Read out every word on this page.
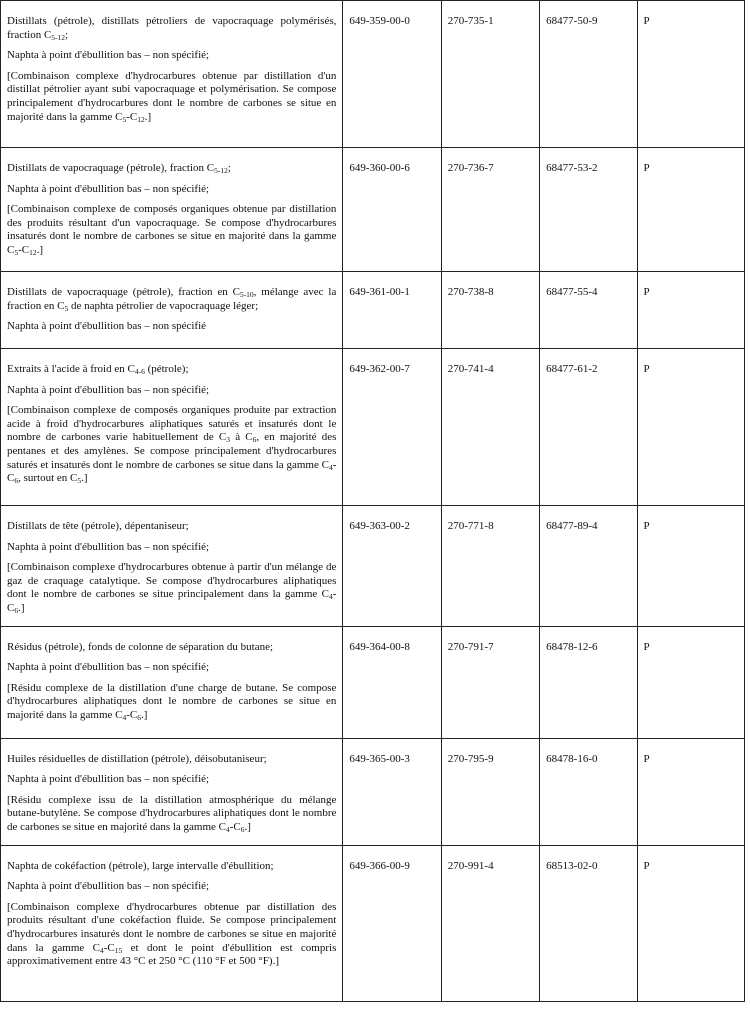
Distillats (pétrole), distillats pétroliers de vapocraquage polymérisés, fraction $C_{5-12}$;
Naphta à point d'ébullition bas – non spécifié;
[Combinaison complexe d'hydrocarbures obtenue par distillation d'un distillat pétrolier ayant subi vapocraquage et polymérisation. Se compose principalement d'hydrocarbures dont le nombre de carbones se situe en majorité dans la gamme $C_5-C_{12}$.]	649-359-00-0	270-735-1	68477-50-9	P

Distillats de vapocraquage (pétrole), fraction $C_{5-12}$;
Naphta à point d'ébullition bas – non spécifié;
[Combinaison complexe de composés organiques obtenue par distillation des produits résultant d'un vapocraquage. Se compose d'hydrocarbures insaturés dont le nombre de carbones se situe en majorité dans la gamme $C_5-C_{12}$.]	649-360-00-6	270-736-7	68477-53-2	P

Distillats de vapocraquage (pétrole), fraction en $C_{5-10}$, mélange avec la fraction en $C_5$ de naphta pétrolier de vapocraquage léger;
Naphta à point d'ébullition bas – non spécifié	649-361-00-1	270-738-8	68477-55-4	P

Extraits à l'acide à froid en $C_{4-6}$ (pétrole);
Naphta à point d'ébullition bas – non spécifié;
[Combinaison complexe de composés organiques produite par extraction acide à froid d'hydrocarbures aliphatiques saturés et insaturés dont le nombre de carbones varie habituellement de $C_3$ à $C_6$, en majorité des pentanes et des amylènes. Se compose principalement d'hydrocarbures saturés et insaturés dont le nombre de carbones se situe dans la gamme $C_4-C_6$, surtout en $C_5$.]	649-362-00-7	270-741-4	68477-61-2	P

Distillats de tête (pétrole), dépentaniseur;
Naphta à point d'ébullition bas – non spécifié;
[Combinaison complexe d'hydrocarbures obtenue à partir d'un mélange de gaz de craquage catalytique. Se compose d'hydrocarbures aliphatiques dont le nombre de carbones se situe principalement dans la gamme $C_4-C_6$.]	649-363-00-2	270-771-8	68477-89-4	P

Résidus (pétrole), fonds de colonne de séparation du butane;
Naphta à point d'ébullition bas – non spécifié;
[Résidu complexe de la distillation d'une charge de butane. Se compose d'hydrocarbures aliphatiques dont le nombre de carbones se situe en majorité dans la gamme $C_4-C_6$.]	649-364-00-8	270-791-7	68478-12-6	P

Huiles résiduelles de distillation (pétrole), déisobutaniseur;
Naphta à point d'ébullition bas – non spécifié;
[Résidu complexe issu de la distillation atmosphérique du mélange butane-butylène. Se compose d'hydrocarbures aliphatiques dont le nombre de carbones se situe en majorité dans la gamme $C_4-C_6$.]	649-365-00-3	270-795-9	68478-16-0	P

Naphta de cokéfaction (pétrole), large intervalle d'ébullition;
Naphta à point d'ébullition bas – non spécifié;
[Combinaison complexe d'hydrocarbures obtenue par distillation des produits résultant d'une cokéfaction fluide. Se compose principalement d'hydrocarbures insaturés dont le nombre de carbones se situe en majorité dans la gamme $C_4-C_{15}$ et dont le point d'ébullition est compris approximativement entre 43 °C et 250 °C (110 °F et 500 °F).]	649-366-00-9	270-991-4	68513-02-0	P
